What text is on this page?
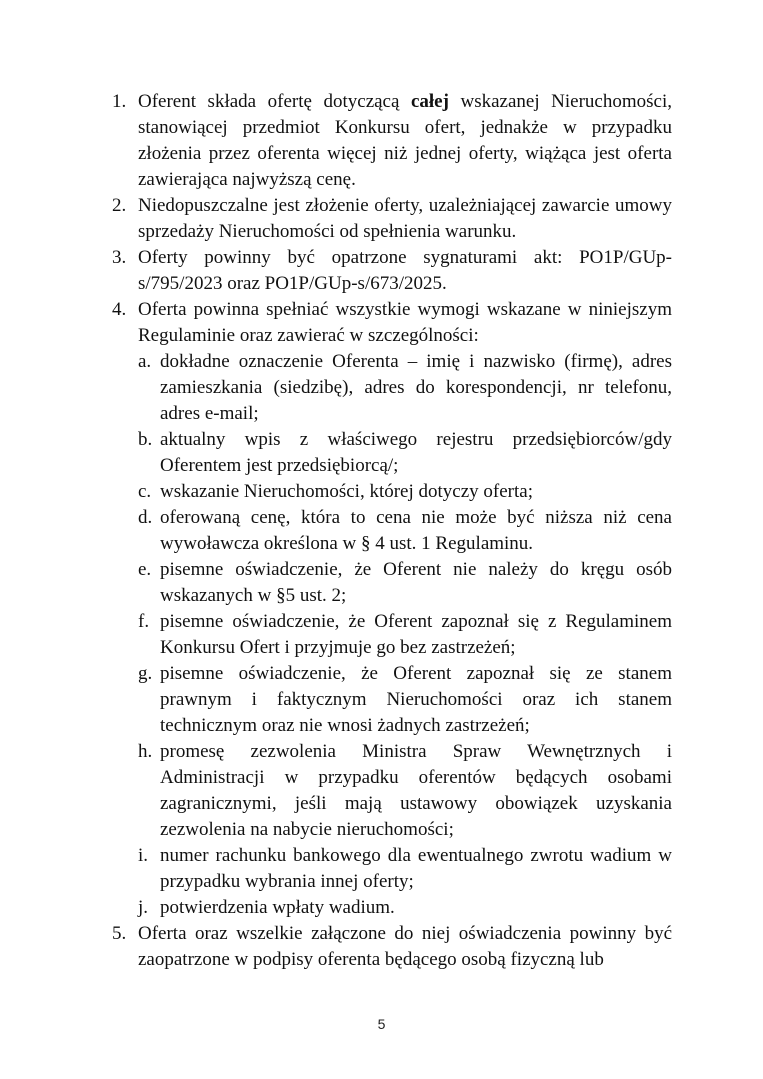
1. Oferent składa ofertę dotyczącą całej wskazanej Nieruchomości, stanowiącej przedmiot Konkursu ofert, jednakże w przypadku złożenia przez oferenta więcej niż jednej oferty, wiążąca jest oferta zawierająca najwyższą cenę.
2. Niedopuszczalne jest złożenie oferty, uzależniającej zawarcie umowy sprzedaży Nieruchomości od spełnienia warunku.
3. Oferty powinny być opatrzone sygnaturami akt: PO1P/GUp-s/795/2023 oraz PO1P/GUp-s/673/2025.
4. Oferta powinna spełniać wszystkie wymogi wskazane w niniejszym Regulaminie oraz zawierać w szczególności:
a. dokładne oznaczenie Oferenta – imię i nazwisko (firmę), adres zamieszkania (siedzibę), adres do korespondencji, nr telefonu, adres e-mail;
b. aktualny wpis z właściwego rejestru przedsiębiorców/gdy Oferentem jest przedsiębiorcą/;
c. wskazanie Nieruchomości, której dotyczy oferta;
d. oferowaną cenę, która to cena nie może być niższa niż cena wywoławcza określona w § 4 ust. 1 Regulaminu.
e. pisemne oświadczenie, że Oferent nie należy do kręgu osób wskazanych w §5 ust. 2;
f. pisemne oświadczenie, że Oferent zapoznał się z Regulaminem Konkursu Ofert i przyjmuje go bez zastrzeżeń;
g. pisemne oświadczenie, że Oferent zapoznał się ze stanem prawnym i faktycznym Nieruchomości oraz ich stanem technicznym oraz nie wnosi żadnych zastrzeżeń;
h. promesę zezwolenia Ministra Spraw Wewnętrznych i Administracji w przypadku oferentów będących osobami zagranicznymi, jeśli mają ustawowy obowiązek uzyskania zezwolenia na nabycie nieruchomości;
i. numer rachunku bankowego dla ewentualnego zwrotu wadium w przypadku wybrania innej oferty;
j. potwierdzenia wpłaty wadium.
5. Oferta oraz wszelkie załączone do niej oświadczenia powinny być zaopatrzone w podpisy oferenta będącego osobą fizyczną lub
5
